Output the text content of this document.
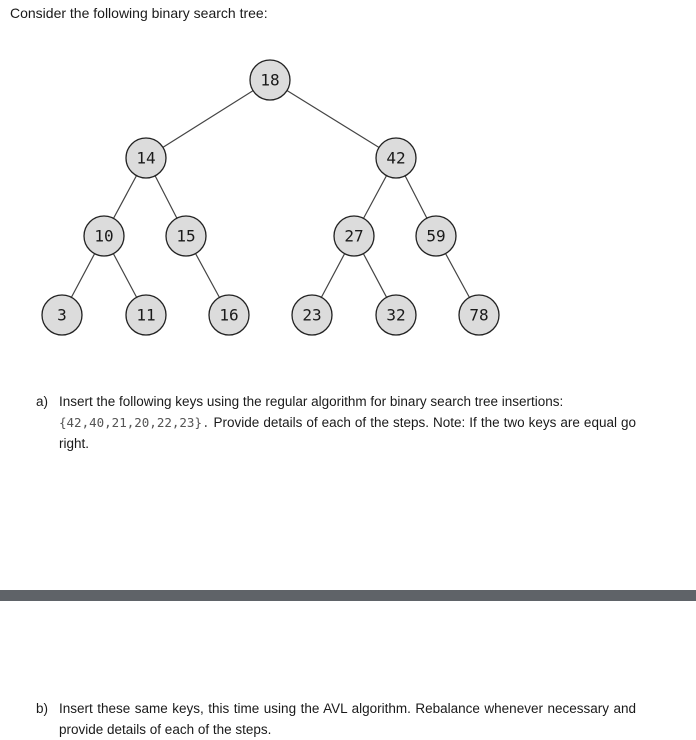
Consider the following binary search tree:
18
14	42
10	15	27	59
3	11	16	23	32	78
a) Insert the following keys using the regular algorithm for binary search tree insertions:
{42,40,21,20,22,23}. Provide details of each of the steps. Note: If the two keys are equal go right.
b) Insert these same keys, this time using the AVL algorithm. Rebalance whenever necessary and provide details of each of the steps.
